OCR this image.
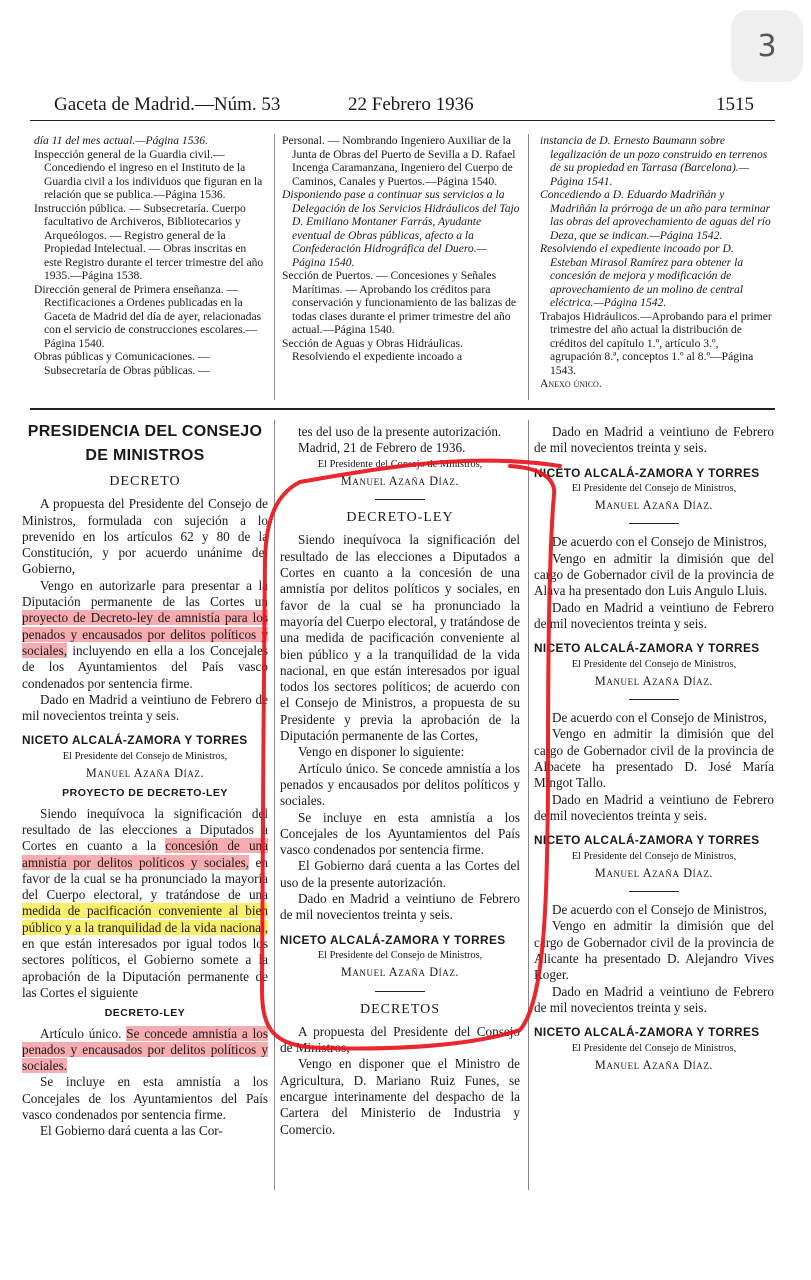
3
Gaceta de Madrid.—Núm. 53	22 Febrero 1936	1515

día 11 del mes actual.—Página 1536.

Inspección general de la Guardia civil.—Concediendo el ingreso en el Instituto de la Guardia civil a los individuos que figuran en la relación que se publica.—Página 1536.

Instrucción pública. — Subsecretaría. Cuerpo facultativo de Archiveros, Bibliotecarios y Arqueólogos. — Registro general de la Propiedad Intelectual. — Obras inscritas en este Registro durante el tercer trimestre del año 1935.—Página 1538.

Dirección general de Primera enseñanza. — Rectificaciones a Ordenes publicadas en la Gaceta de Madrid del día de ayer, relacionadas con el servicio de construcciones escolares.—Página 1540.

Obras públicas y Comunicaciones. — Subsecretaría de Obras públicas. —

Personal. — Nombrando Ingeniero Auxiliar de la Junta de Obras del Puerto de Sevilla a D. Rafael Incenga Caramanzana, Ingeniero del Cuerpo de Caminos, Canales y Puertos.—Página 1540.

Disponiendo pase a continuar sus servicios a la Delegación de los Servicios Hidráulicos del Tajo D. Emiliano Montaner Farrás, Ayudante eventual de Obras públicas, afecto a la Confederación Hidrográfica del Duero.—Página 1540.

Sección de Puertos. — Concesiones y Señales Marítimas. — Aprobando los créditos para conservación y funcionamiento de las balizas de todas clases durante el primer trimestre del año actual.—Página 1540.

Sección de Aguas y Obras Hidráulicas. Resolviendo el expediente incoado a

instancia de D. Ernesto Baumann sobre legalización de un pozo construido en terrenos de su propiedad en Tarrasa (Barcelona).—Página 1541.

Concediendo a D. Eduardo Madriñán y Madriñán la prórroga de un año para terminar las obras del aprovechamiento de aguas del río Deza, que se indican.—Página 1542.

Resolviendo el expediente incoado por D. Esteban Mirasol Ramírez para obtener la concesión de mejora y modificación de aprovechamiento de un molino de central eléctrica.—Página 1542.

Trabajos Hidráulicos.—Aprobando para el primer trimestre del año actual la distribución de créditos del capítulo 1.º, artículo 3.º, agrupación 8.ª, conceptos 1.º al 8.º—Página 1543.

Anexo único.

PRESIDENCIA DEL CONSEJO
DE MINISTROS

DECRETO

A propuesta del Presidente del Consejo de Ministros, formulada con sujeción a lo prevenido en los artículos 62 y 80 de la Constitución, y por acuerdo unánime del Gobierno,

Vengo en autorizarle para presentar a la Diputación permanente de las Cortes un proyecto de Decreto-ley de amnistía para los penados y encausados por delitos políticos y sociales, incluyendo en ella a los Concejales de los Ayuntamientos del País vasco condenados por sentencia firme.

Dado en Madrid a veintiuno de Febrero de mil novecientos treinta y seis.

NICETO ALCALÁ-ZAMORA Y TORRES

El Presidente del Consejo de Ministros,

Manuel Azaña Díaz.

PROYECTO DE DECRETO-LEY

Siendo inequívoca la significación del resultado de las elecciones a Diputados a Cortes en cuanto a la concesión de una amnistía por delitos políticos y sociales, en favor de la cual se ha pronunciado la mayoría del Cuerpo electoral, y tratándose de una medida de pacificación conveniente al bien público y a la tranquilidad de la vida nacional, en que están interesados por igual todos los sectores políticos, el Gobierno somete a la aprobación de la Diputación permanente de las Cortes el siguiente

DECRETO-LEY

Artículo único. Se concede amnistía a los penados y encausados por delitos políticos y sociales.

Se incluye en esta amnistía a los Concejales de los Ayuntamientos del País vasco condenados por sentencia firme.

El Gobierno dará cuenta a las Cor-

tes del uso de la presente autorización.

Madrid, 21 de Febrero de 1936.

El Presidente del Consejo de Ministros,

Manuel Azaña Díaz.

DECRETO-LEY

Siendo inequívoca la significación del resultado de las elecciones a Diputados a Cortes en cuanto a la concesión de una amnistía por delitos políticos y sociales, en favor de la cual se ha pronunciado la mayoría del Cuerpo electoral, y tratándose de una medida de pacificación conveniente al bien público y a la tranquilidad de la vida nacional, en que están interesados por igual todos los sectores políticos; de acuerdo con el Consejo de Ministros, a propuesta de su Presidente y previa la aprobación de la Diputación permanente de las Cortes,

Vengo en disponer lo siguiente:

Artículo único. Se concede amnistía a los penados y encausados por delitos políticos y sociales.

Se incluye en esta amnistía a los Concejales de los Ayuntamientos del País vasco condenados por sentencia firme.

El Gobierno dará cuenta a las Cortes del uso de la presente autorización.

Dado en Madrid a veintiuno de Febrero de mil novecientos treinta y seis.

NICETO ALCALÁ-ZAMORA Y TORRES

El Presidente del Consejo de Ministros,

Manuel Azaña Díaz.

DECRETOS

A propuesta del Presidente del Consejo de Ministros,

Vengo en disponer que el Ministro de Agricultura, D. Mariano Ruiz Funes, se encargue interinamente del despacho de la Cartera del Ministerio de Industria y Comercio.

Dado en Madrid a veintiuno de Febrero de mil novecientos treinta y seis.

NICETO ALCALÁ-ZAMORA Y TORRES

El Presidente del Consejo de Ministros,

Manuel Azaña Díaz.

De acuerdo con el Consejo de Ministros,

Vengo en admitir la dimisión que del cargo de Gobernador civil de la provincia de Alava ha presentado don Luis Angulo Lluis.

Dado en Madrid a veintiuno de Febrero de mil novecientos treinta y seis.

NICETO ALCALÁ-ZAMORA Y TORRES

El Presidente del Consejo de Ministros,

Manuel Azaña Díaz.

De acuerdo con el Consejo de Ministros,

Vengo en admitir la dimisión que del cargo de Gobernador civil de la provincia de Albacete ha presentado D. José María Mingot Tallo.

Dado en Madrid a veintiuno de Febrero de mil novecientos treinta y seis.

NICETO ALCALÁ-ZAMORA Y TORRES

El Presidente del Consejo de Ministros,

Manuel Azaña Díaz.

De acuerdo con el Consejo de Ministros,

Vengo en admitir la dimisión que del cargo de Gobernador civil de la provincia de Alicante ha presentado D. Alejandro Vives Roger.

Dado en Madrid a veintiuno de Febrero de mil novecientos treinta y seis.

NICETO ALCALÁ-ZAMORA Y TORRES

El Presidente del Consejo de Ministros,

Manuel Azaña Díaz.
